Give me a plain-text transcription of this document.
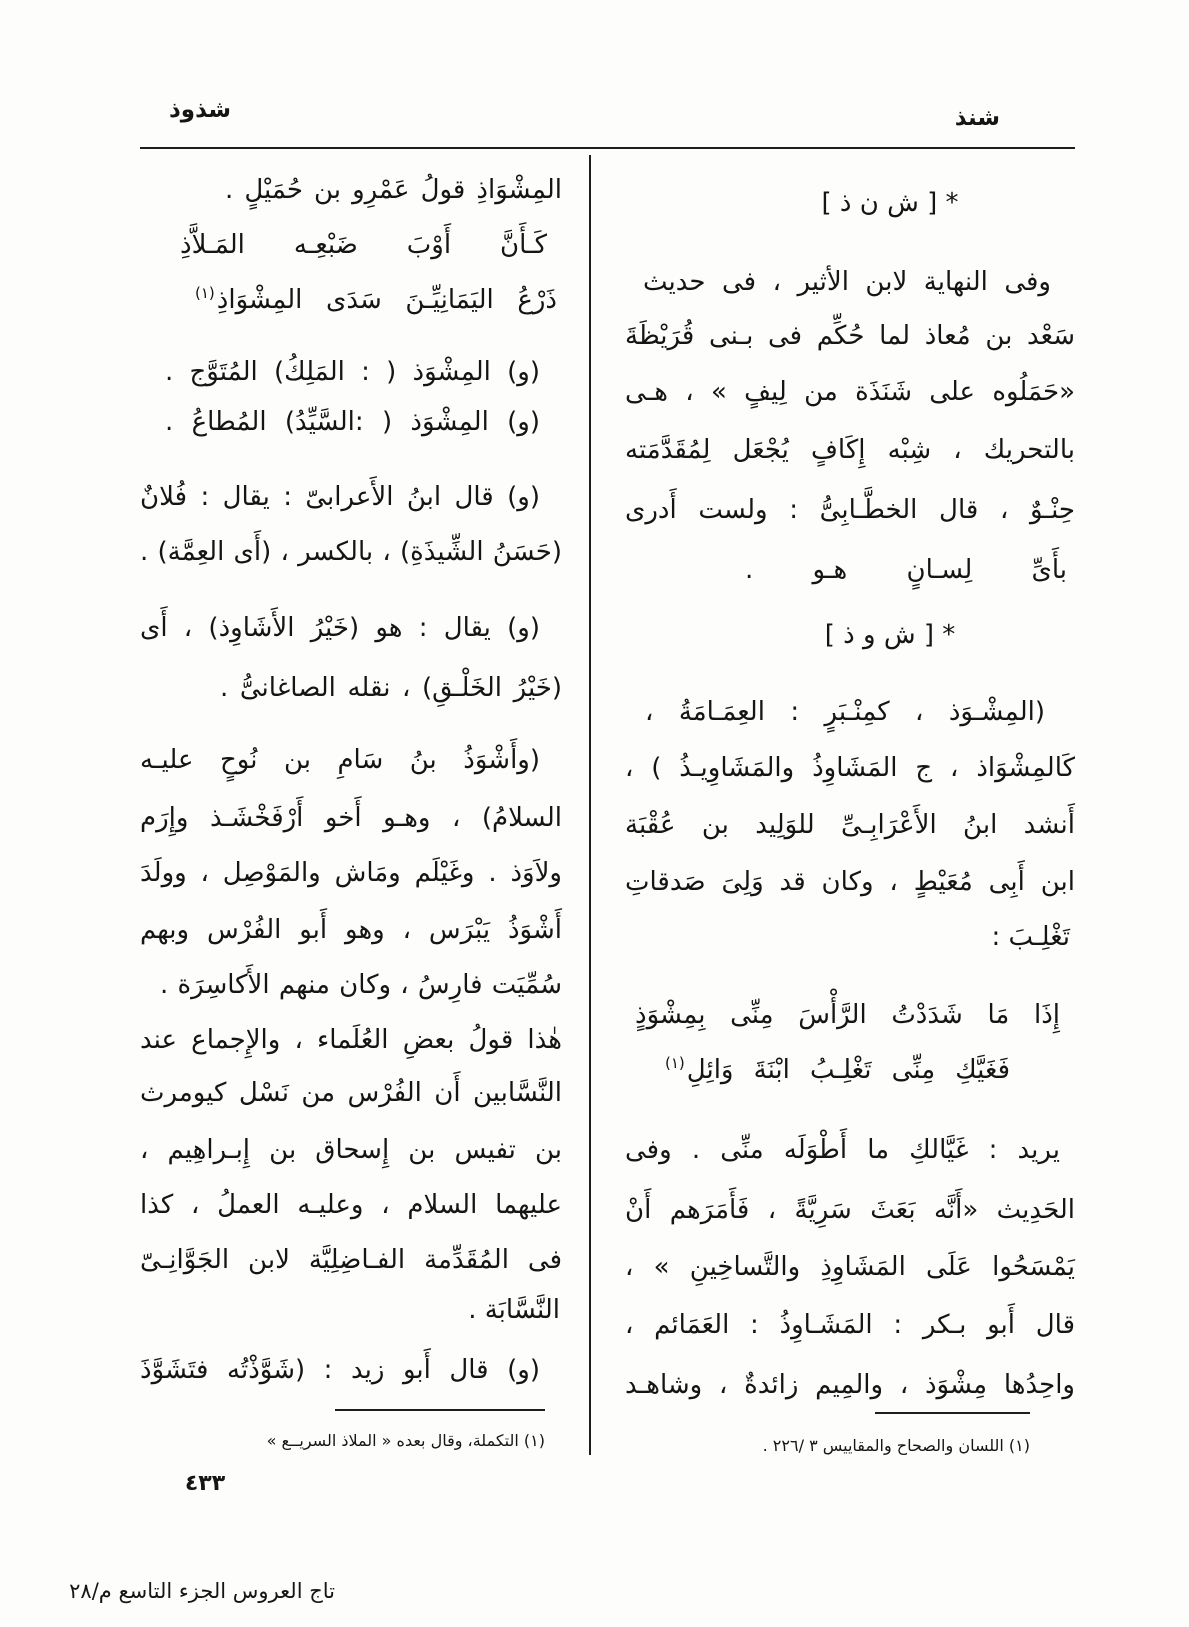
شنذ
شذوذ
* [ ش ن ذ ]
وفى النهاية لابن الأثير ، فى حديث
سَعْد بن مُعاذ لما حُكِّم فى بـنى قُرَيْظَةَ
«حَمَلُوه على شَنَذَة من لِيفٍ » ، هـى
بالتحريك ، شِبْه إِكَافٍ يُجْعَل لِمُقَدَّمَته
حِنْـوٌ ، قال الخطَّـابِىُّ : ولست أَدرى
بأَىِّ لِسـانٍ هـو .
* [ ش و ذ ]
(المِشْـوَذ ، كمِنْـبَرٍ : العِمَـامَةُ ،
كَالمِشْوَاذ ، ج المَشَاوِذُ والمَشَاوِيـذُ ) ،
أَنشد ابنُ الأَعْرَابِـىِّ للوَلِيد بن عُقْبَة
ابن أَبِى مُعَيْطٍ ، وكان قد وَلِىَ صَدقاتِ
تَغْلِـبَ :
إِذَا مَا شَدَدْتُ الرَّأْسَ مِنِّى بِمِشْوَذٍ
فَغَيَّكِ مِنِّى تَغْلِـبُ ابْنَةَ وَائِلِ$^{(١)}$
يريد : غَيَّالكِ ما أَطْوَلَه منِّى . وفى
الحَدِيث «أَنَّه بَعَثَ سَرِيَّةً ، فَأَمَرَهم أَنْ
يَمْسَحُوا عَلَى المَشَاوِذِ والتَّساخِينِ » ،
قال أَبو بـكر : المَشَـاوِذُ : العَمَائم ،
واحِدُها مِشْوَذ ، والمِيم زائدةٌ ، وشاهـد
(١) اللسان والصحاح والمقاييس ٣ /٢٢٦ .
المِشْوَاذِ قولُ عَمْرِو بن حُمَيْلٍ .
كَـأَنَّ أَوْبَ ضَبْعِـه المَـلاَّذِ
ذَرْعُ اليَمَانِيِّـنَ سَدَى المِشْوَاذِ$^{(١)}$
(و) المِشْوَذ ( : المَلِكُ) المُتَوَّج .
(و) المِشْوَذ ( :السَّيِّدُ) المُطاعُ .
(و) قال ابنُ الأَعرابىّ : يقال : فُلانٌ
(حَسَنُ الشِّيذَةِ) ، بالكسر ، (أَى العِمَّة) .
(و) يقال : هو (خَيْرُ الأَشَاوِذ) ، أَى
(خَيْرُ الخَلْـقِ) ، نقله الصاغانىُّ .
(وأَشْوَذُ بنُ سَامِ بن نُوحٍ عليـه
السلامُ) ، وهـو أَخو أَرْفَخْشَـذ وإِرَم
ولاَوَذ . وغَيْلَم ومَاش والمَوْصِل ، وولَدَ
أَشْوَذُ يَبْرَس ، وهو أَبو الفُرْس وبهم
سُمِّيَت فارِسُ ، وكان منهم الأَكاسِرَة .
هٰذا قولُ بعضِ العُلَماء ، والإِجماع عند
النَّسَّابين أَن الفُرْس من نَسْل كيومرث
بن تفيس بن إِسحاق بن إِبـراهِيم ،
عليهما السلام ، وعليـه العملُ ، كذا
فى المُقَدِّمة الفـاضِلِيَّة لابن الجَوَّانِـىّ
النَّسَّابَة .
(و) قال أَبو زيد : (شَوَّذْتُه فتَشَوَّذَ
(١) التكملة، وقال بعده « الملاذ السريــع »
٤٣٣
تاج العروس الجزء التاسع م/٢٨
